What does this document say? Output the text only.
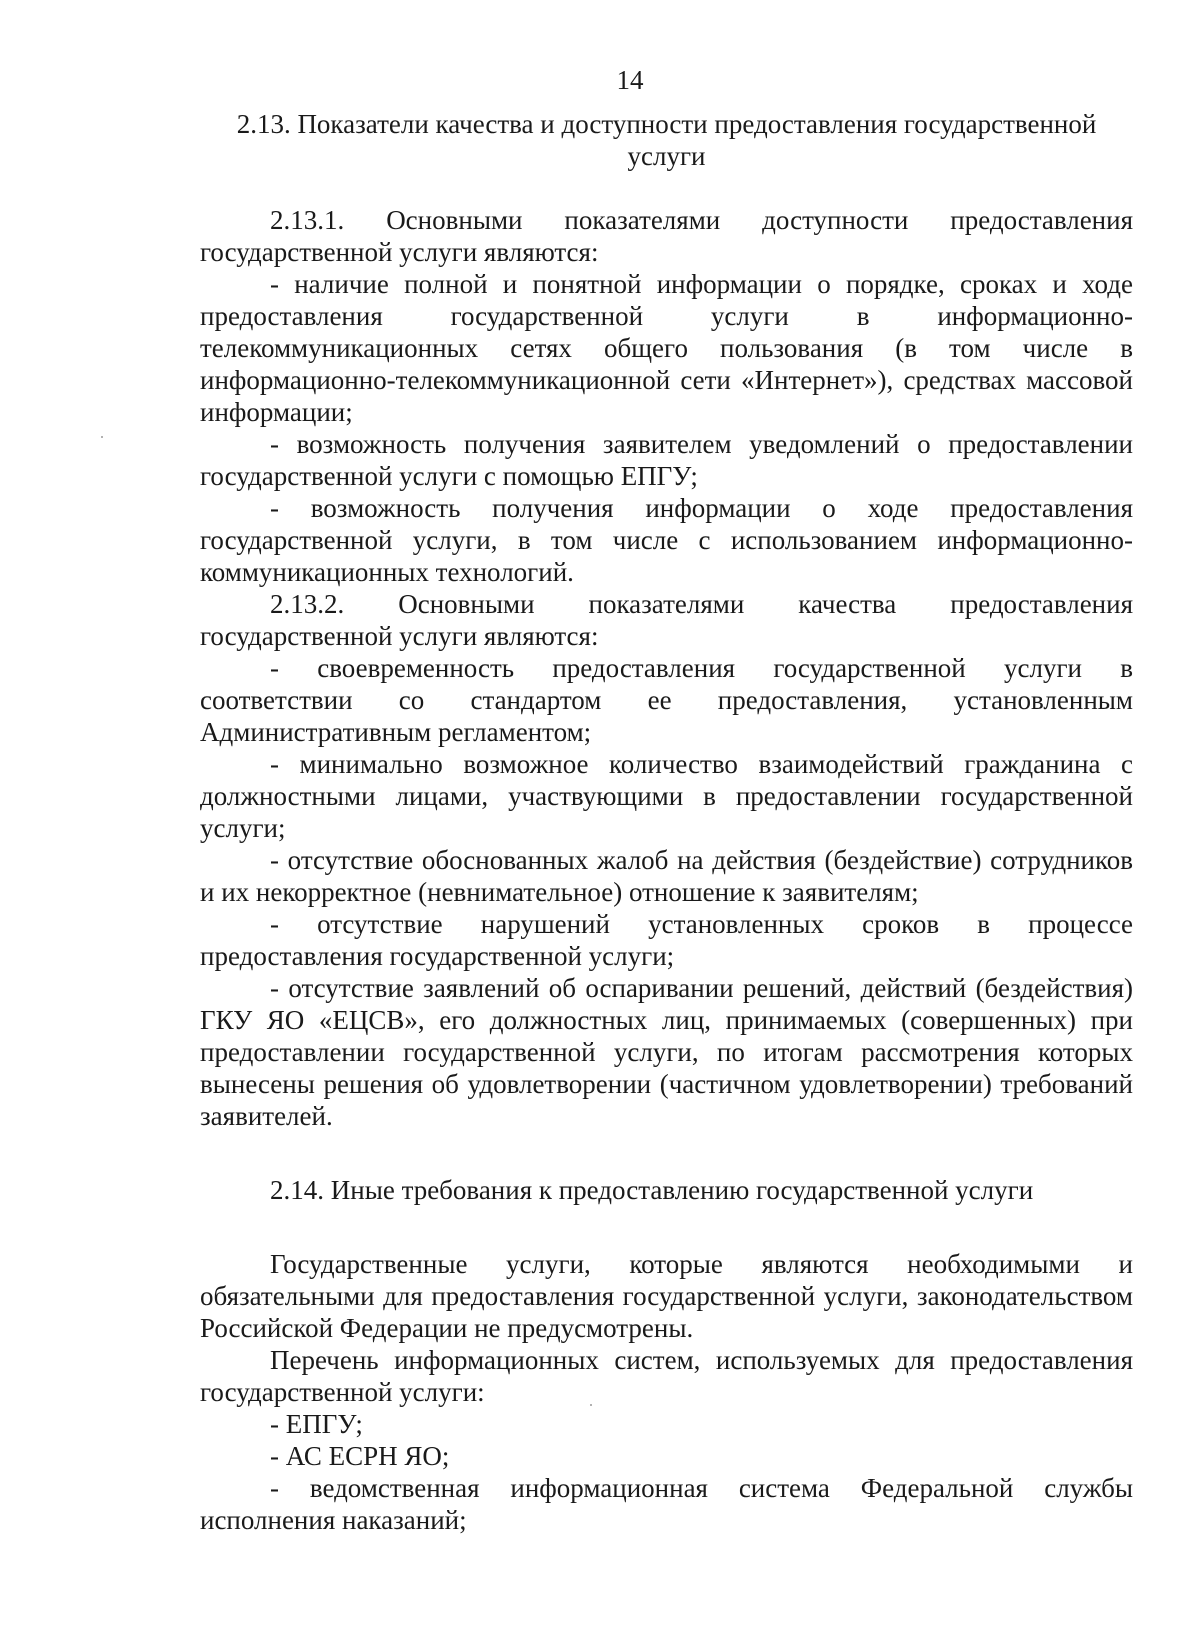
14

2.13. Показатели качества и доступности предоставления государственной услуги

2.13.1. Основными показателями доступности предоставления государственной услуги являются:

- наличие полной и понятной информации о порядке, сроках и ходе предоставления государственной услуги в информационно-телекоммуникационных сетях общего пользования (в том числе в информационно-телекоммуникационной сети «Интернет»), средствах массовой информации;

- возможность получения заявителем уведомлений о предоставлении государственной услуги с помощью ЕПГУ;

- возможность получения информации о ходе предоставления государственной услуги, в том числе с использованием информационно-коммуникационных технологий.

2.13.2. Основными показателями качества предоставления государственной услуги являются:

- своевременность предоставления государственной услуги в соответствии со стандартом ее предоставления, установленным Административным регламентом;

- минимально возможное количество взаимодействий гражданина с должностными лицами, участвующими в предоставлении государственной услуги;

- отсутствие обоснованных жалоб на действия (бездействие) сотрудников и их некорректное (невнимательное) отношение к заявителям;

- отсутствие нарушений установленных сроков в процессе предоставления государственной услуги;

- отсутствие заявлений об оспаривании решений, действий (бездействия) ГКУ ЯО «ЕЦСВ», его должностных лиц, принимаемых (совершенных) при предоставлении государственной услуги, по итогам рассмотрения которых вынесены решения об удовлетворении (частичном удовлетворении) требований заявителей.

2.14. Иные требования к предоставлению государственной услуги

Государственные услуги, которые являются необходимыми и обязательными для предоставления государственной услуги, законодательством Российской Федерации не предусмотрены.

Перечень информационных систем, используемых для предоставления государственной услуги:

- ЕПГУ;

- АС ЕСРН ЯО;

- ведомственная информационная система Федеральной службы исполнения наказаний;
